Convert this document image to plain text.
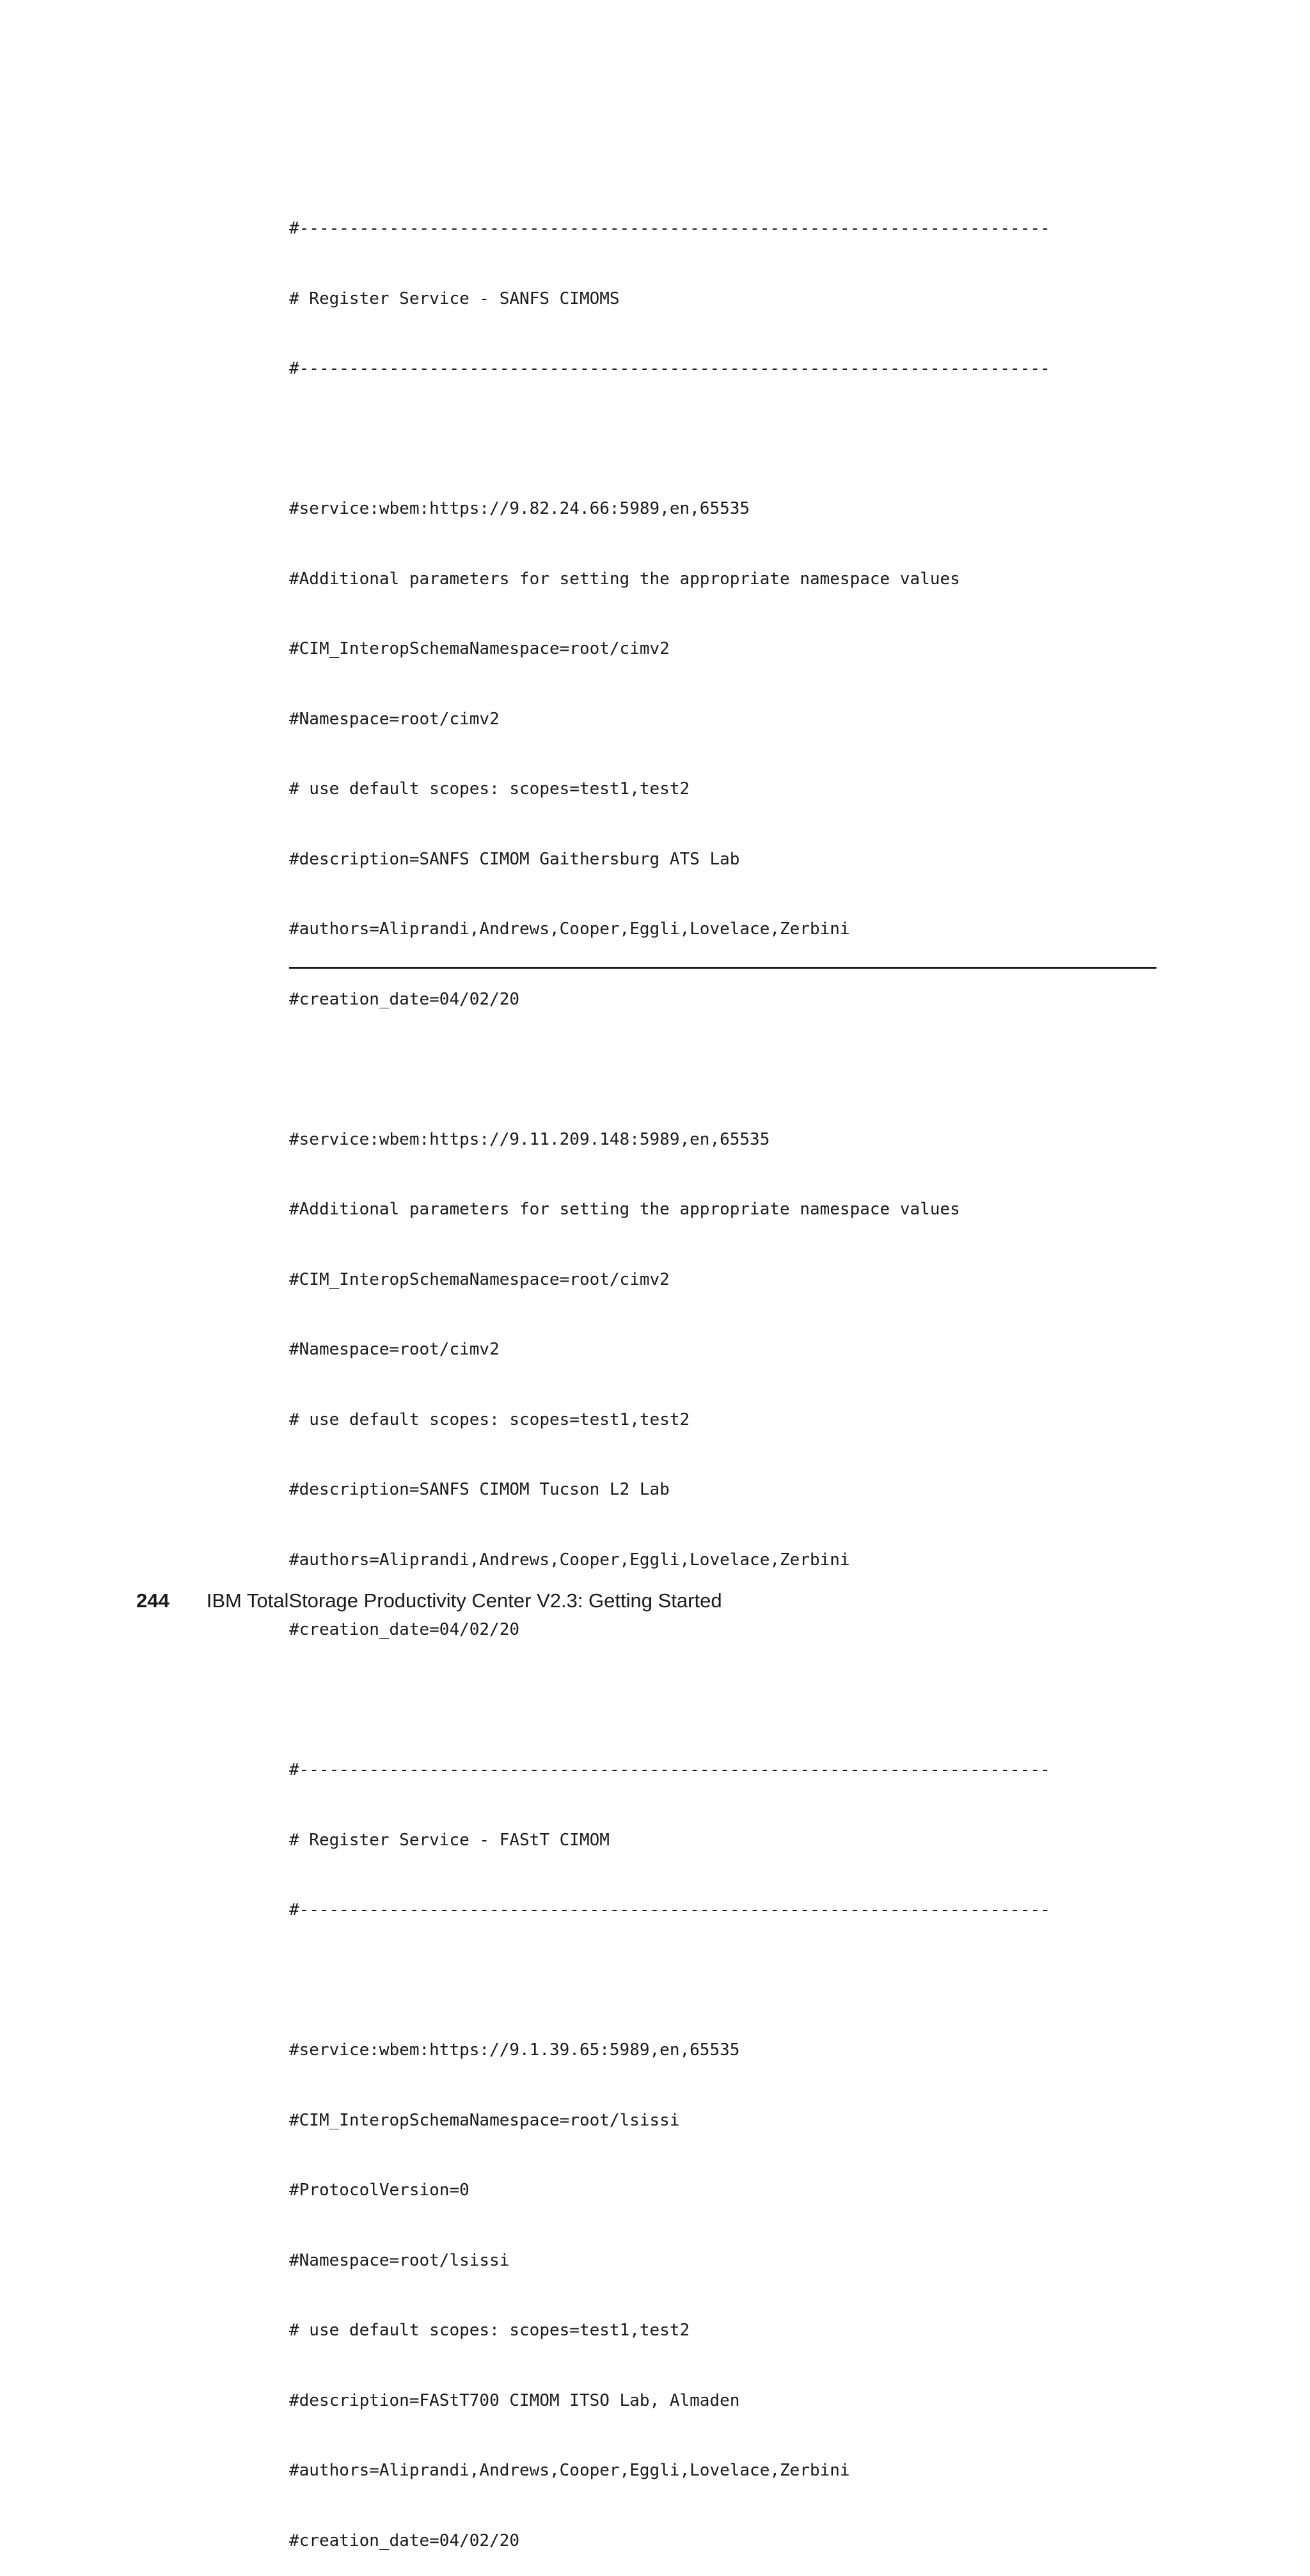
#---------------------------------------------------------------------------

# Register Service - SANFS CIMOMS

#---------------------------------------------------------------------------

#service:wbem:https://9.82.24.66:5989,en,65535

#Additional parameters for setting the appropriate namespace values

#CIM_InteropSchemaNamespace=root/cimv2

#Namespace=root/cimv2

# use default scopes: scopes=test1,test2

#description=SANFS CIMOM Gaithersburg ATS Lab

#authors=Aliprandi,Andrews,Cooper,Eggli,Lovelace,Zerbini

#creation_date=04/02/20

#service:wbem:https://9.11.209.148:5989,en,65535

#Additional parameters for setting the appropriate namespace values

#CIM_InteropSchemaNamespace=root/cimv2

#Namespace=root/cimv2

# use default scopes: scopes=test1,test2

#description=SANFS CIMOM Tucson L2 Lab

#authors=Aliprandi,Andrews,Cooper,Eggli,Lovelace,Zerbini

#creation_date=04/02/20

#---------------------------------------------------------------------------

# Register Service - FAStT CIMOM

#---------------------------------------------------------------------------

#service:wbem:https://9.1.39.65:5989,en,65535

#CIM_InteropSchemaNamespace=root/lsissi

#ProtocolVersion=0

#Namespace=root/lsissi

# use default scopes: scopes=test1,test2

#description=FAStT700 CIMOM ITSO Lab, Almaden

#authors=Aliprandi,Andrews,Cooper,Eggli,Lovelace,Zerbini

#creation_date=04/02/20

244 IBM TotalStorage Productivity Center V2.3: Getting Started
